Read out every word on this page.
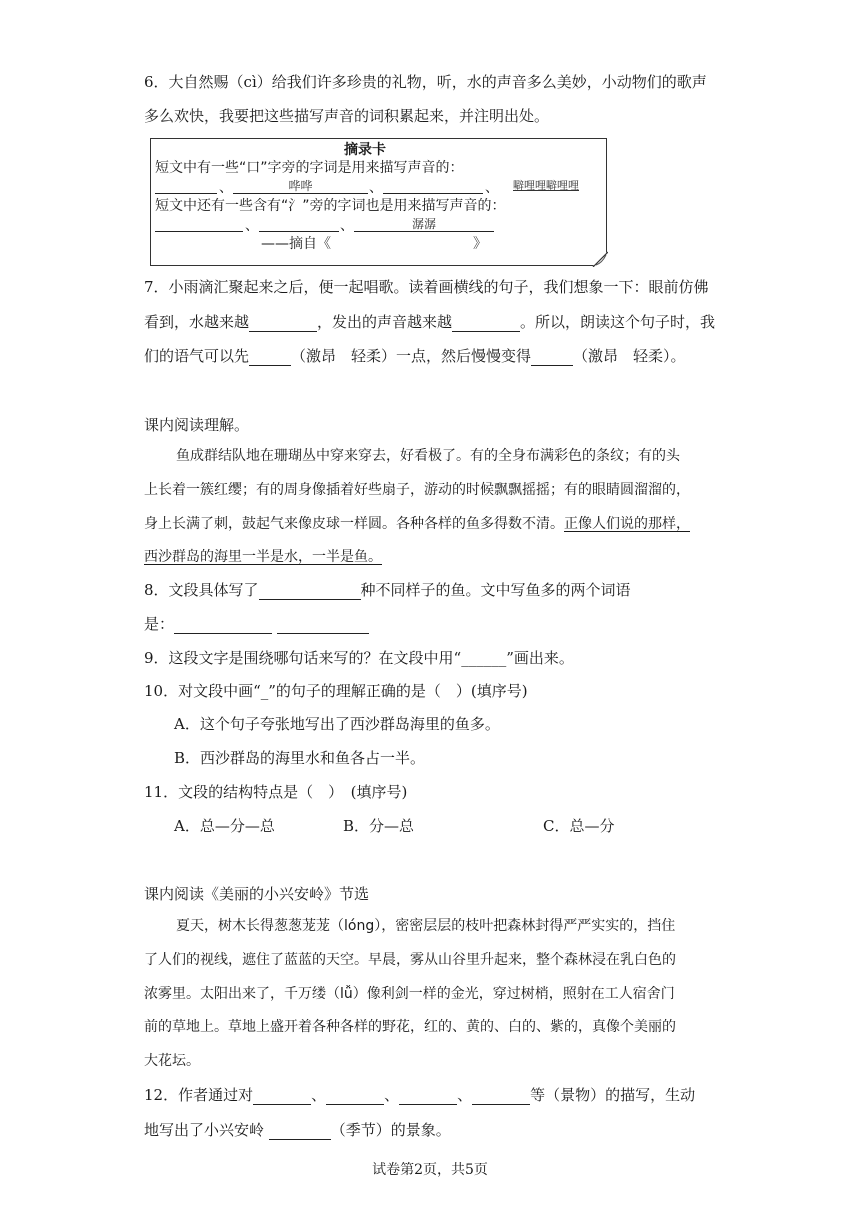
6．大自然赐（cì）给我们许多珍贵的礼物，听，水的声音多么美妙，小动物们的歌声
多么欢快，我要把这些描写声音的词积累起来，并注明出处。
摘录卡
短文中有一些“口”字旁的字词是用来描写声音的：
、	哗哗	、	、	噼哩哩噼哩哩
短文中还有一些含有“氵”旁的字词也是用来描写声音的：
、	、	潺潺
——摘自《	》
7．小雨滴汇聚起来之后，便一起唱歌。读着画横线的句子，我们想象一下：眼前仿佛
看到，水越来越	，发出的声音越来越	。所以，朗读这个句子时，我
们的语气可以先	（激昂　轻柔）一点，然后慢慢变得	（激昂　轻柔）。
课内阅读理解。
鱼成群结队地在珊瑚丛中穿来穿去，好看极了。有的全身布满彩色的条纹；有的头
上长着一簇红缨；有的周身像插着好些扇子，游动的时候飘飘摇摇；有的眼睛圆溜溜的，
身上长满了刺，鼓起气来像皮球一样圆。各种各样的鱼多得数不清。正像人们说的那样，
西沙群岛的海里一半是水，一半是鱼。
8．文段具体写了	种不同样子的鱼。文中写鱼多的两个词语
是：
9．这段文字是围绕哪句话来写的？在文段中用“______”画出来。
10．对文段中画“_”的句子的理解正确的是（　）(填序号)
A．这个句子夸张地写出了西沙群岛海里的鱼多。
B．西沙群岛的海里水和鱼各占一半。
11．文段的结构特点是（　）　(填序号)
A．总—分—总	B．分—总	C．总—分
课内阅读《美丽的小兴安岭》节选
夏天，树木长得葱葱茏茏（lóng），密密层层的枝叶把森林封得严严实实的，挡住
了人们的视线，遮住了蓝蓝的天空。早晨，雾从山谷里升起来，整个森林浸在乳白色的
浓雾里。太阳出来了，千万缕（lǚ）像利剑一样的金光，穿过树梢，照射在工人宿舍门
前的草地上。草地上盛开着各种各样的野花，红的、黄的、白的、紫的，真像个美丽的
大花坛。
12．作者通过对	、	、	、	等（景物）的描写，生动
地写出了小兴安岭	（季节）的景象。
试卷第2页，共5页
